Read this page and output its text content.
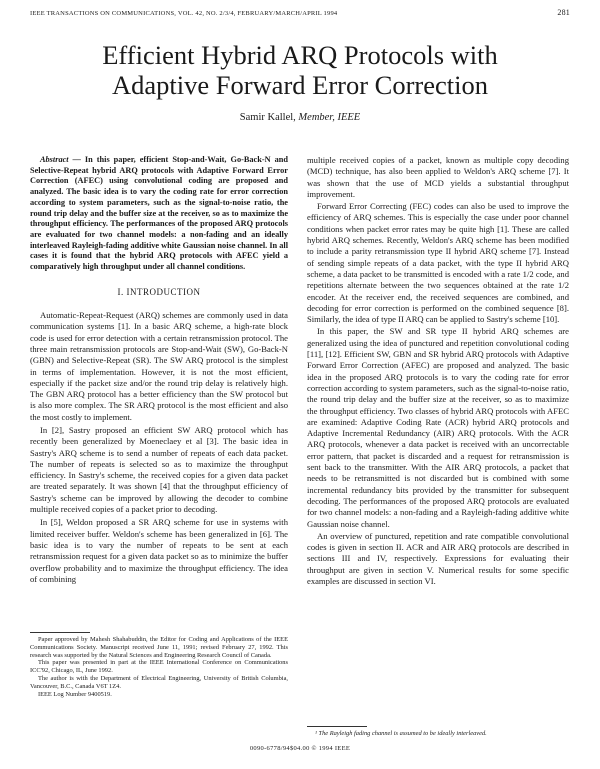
IEEE TRANSACTIONS ON COMMUNICATIONS, VOL. 42, NO. 2/3/4, FEBRUARY/MARCH/APRIL 1994	281
Efficient Hybrid ARQ Protocols with
Adaptive Forward Error Correction
Samir Kallel, Member, IEEE

Abstract — In this paper, efficient Stop-and-Wait, Go-Back-N and Selective-Repeat hybrid ARQ protocols with Adaptive Forward Error Correction (AFEC) using convolutional coding are proposed and analyzed. The basic idea is to vary the coding rate for error correction according to system parameters, such as the signal-to-noise ratio, the round trip delay and the buffer size at the receiver, so as to maximize the throughput efficiency. The performances of the proposed ARQ protocols are evaluated for two channel models: a non-fading and an ideally interleaved Rayleigh-fading additive white Gaussian noise channel. In all cases it is found that the hybrid ARQ protocols with AFEC yield a comparatively high throughput under all channel conditions.

I. INTRODUCTION

Automatic-Repeat-Request (ARQ) schemes are commonly used in data communication systems [1]. In a basic ARQ scheme, a high-rate block code is used for error detection with a certain retransmission protocol. The three main retransmission protocols are Stop-and-Wait (SW), Go-Back-N (GBN) and Selective-Repeat (SR). The SW ARQ protocol is the simplest in terms of implementation. However, it is not the most efficient, especially if the packet size and/or the round trip delay is relatively high. The GBN ARQ protocol has a better efficiency than the SW protocol but is also more complex. The SR ARQ protocol is the most efficient and also the most costly to implement.

In [2], Sastry proposed an efficient SW ARQ protocol which has recently been generalized by Moeneclaey et al [3]. The basic idea in Sastry's ARQ scheme is to send a number of repeats of each data packet. The number of repeats is selected so as to maximize the throughput efficiency. In Sastry's scheme, the received copies for a given data packet are treated separately. It was shown [4] that the throughput efficiency of Sastry's scheme can be improved by allowing the decoder to combine multiple received copies of a packet prior to decoding.

In [5], Weldon proposed a SR ARQ scheme for use in systems with limited receiver buffer. Weldon's scheme has been generalized in [6]. The basic idea is to vary the number of repeats to be sent at each retransmission request for a given data packet so as to minimize the buffer overflow probability and to maximize the throughput efficiency. The idea of combining

Paper approved by Mahesh Shahabuddin, the Editor for Coding and Applications of the IEEE Communications Society. Manuscript received June 11, 1991; revised February 27, 1992. This research was supported by the Natural Sciences and Engineering Research Council of Canada.

This paper was presented in part at the IEEE International Conference on Communications ICC'92, Chicago, IL, June 1992.

The author is with the Department of Electrical Engineering, University of British Columbia, Vancouver, B.C., Canada V6T 1Z4.

IEEE Log Number 9400519.

multiple received copies of a packet, known as multiple copy decoding (MCD) technique, has also been applied to Weldon's ARQ scheme [7]. It was shown that the use of MCD yields a substantial throughput improvement.

Forward Error Correcting (FEC) codes can also be used to improve the efficiency of ARQ schemes. This is especially the case under poor channel conditions when packet error rates may be quite high [1]. These are called hybrid ARQ schemes. Recently, Weldon's ARQ scheme has been modified to include a parity retransmission type II hybrid ARQ scheme [7]. Instead of sending simple repeats of a data packet, with the type II hybrid ARQ scheme, a data packet to be transmitted is encoded with a rate 1/2 code, and repetitions alternate between the two sequences obtained at the rate 1/2 encoder. At the receiver end, the received sequences are combined, and decoding for error correction is performed on the combined sequence [8]. Similarly, the idea of type II ARQ can be applied to Sastry's scheme [10].

In this paper, the SW and SR type II hybrid ARQ schemes are generalized using the idea of punctured and repetition convolutional coding [11], [12]. Efficient SW, GBN and SR hybrid ARQ protocols with Adaptive Forward Error Correction (AFEC) are proposed and analyzed. The basic idea in the proposed ARQ protocols is to vary the coding rate for error correction according to system parameters, such as the signal-to-noise ratio, the round trip delay and the buffer size at the receiver, so as to maximize the throughput efficiency. Two classes of hybrid ARQ protocols with AFEC are examined: Adaptive Coding Rate (ACR) hybrid ARQ protocols and Adaptive Incremental Redundancy (AIR) ARQ protocols. With the ACR ARQ protocols, whenever a data packet is received with an uncorrectable error pattern, that packet is discarded and a request for retransmission is sent back to the transmitter. With the AIR ARQ protocols, a packet that needs to be retransmitted is not discarded but is combined with some incremental redundancy bits provided by the transmitter for subsequent decoding. The performances of the proposed ARQ protocols are evaluated for two channel models: a non-fading and a Rayleigh-fading additive white Gaussian noise channel.

An overview of punctured, repetition and rate compatible convolutional codes is given in section II. ACR and AIR ARQ protocols are described in sections III and IV, respectively. Expressions for evaluating their throughput are given in section V. Numerical results for some specific examples are discussed in section VI.

¹ The Rayleigh fading channel is assumed to be ideally interleaved.

0090-6778/94$04.00 © 1994 IEEE
